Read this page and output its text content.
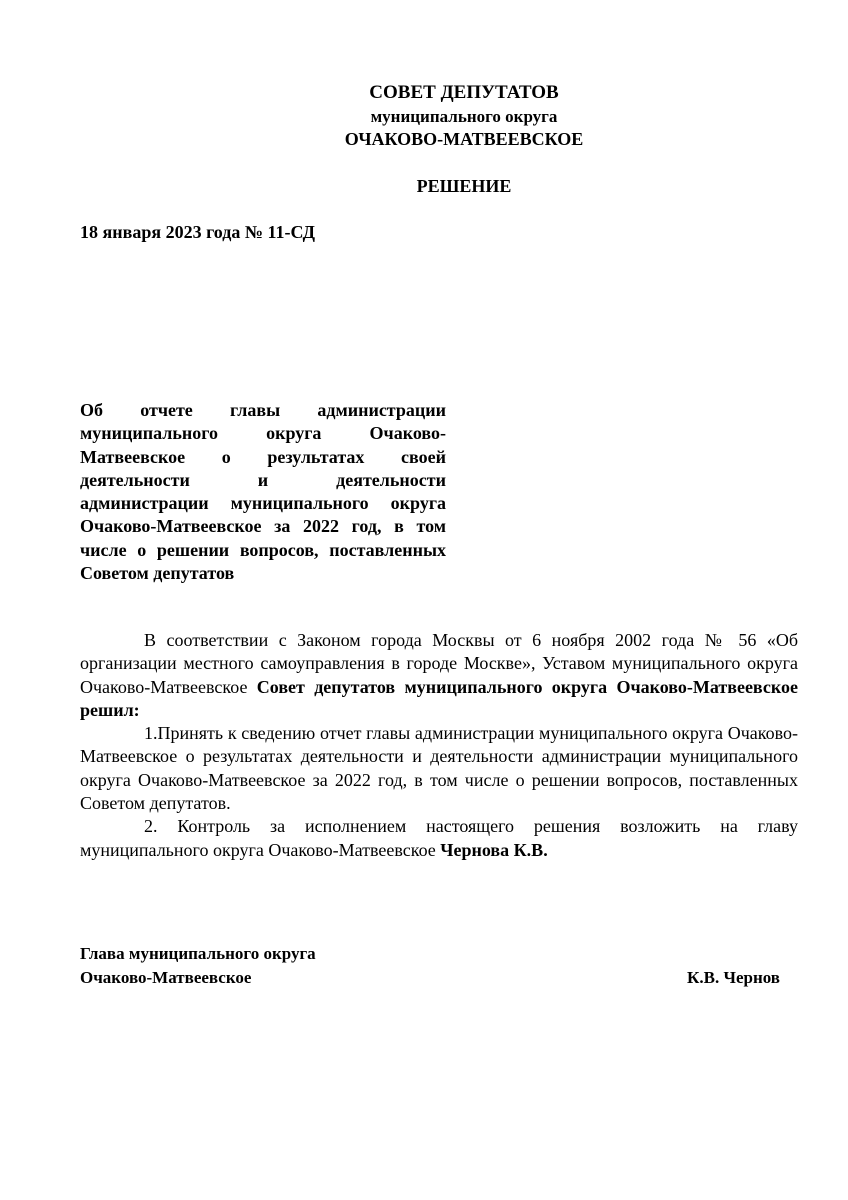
СОВЕТ ДЕПУТАТОВ
муниципального округа
ОЧАКОВО-МАТВЕЕВСКОЕ
РЕШЕНИЕ
18 января 2023 года № 11-СД
Об отчете главы администрации муниципального округа Очаково-Матвеевское о результатах своей деятельности и деятельности администрации муниципального округа Очаково-Матвеевское за 2022 год, в том числе о решении вопросов, поставленных Советом депутатов

В соответствии с Законом города Москвы от 6 ноября 2002 года № 56 «Об организации местного самоуправления в городе Москве», Уставом муниципального округа Очаково-Матвеевское Совет депутатов муниципального округа Очаково-Матвеевское решил:

1.Принять к сведению отчет главы администрации муниципального округа Очаково-Матвеевское о результатах деятельности и деятельности администрации муниципального округа Очаково-Матвеевское за 2022 год, в том числе о решении вопросов, поставленных Советом депутатов.

2. Контроль за исполнением настоящего решения возложить на главу муниципального округа Очаково-Матвеевское Чернова К.В.

Глава муниципального округа
Очаково-Матвеевское	К.В. Чернов
